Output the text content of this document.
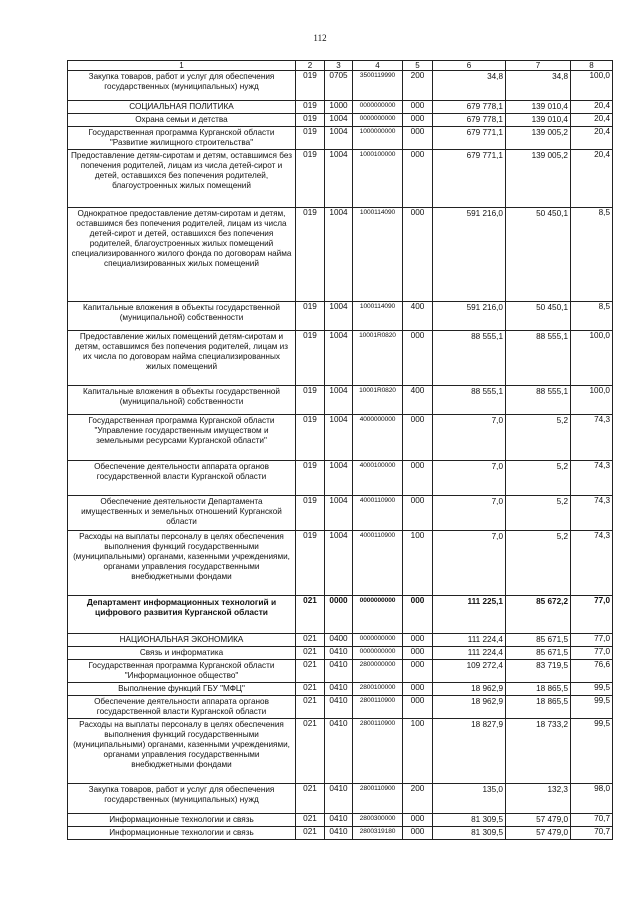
112
1	2	3	4	5	6	7	8
Закупка товаров, работ и услуг для обеспечения государственных (муниципальных) нужд	019	0705	3500119990	200	34,8	34,8	100,0
СОЦИАЛЬНАЯ ПОЛИТИКА	019	1000	0000000000	000	679 778,1	139 010,4	20,4
Охрана семьи и детства	019	1004	0000000000	000	679 778,1	139 010,4	20,4
Государственная программа Курганской области "Развитие жилищного строительства"	019	1004	1000000000	000	679 771,1	139 005,2	20,4
Предоставление детям-сиротам и детям, оставшимся без попечения родителей, лицам из числа детей-сирот и детей, оставшихся без попечения родителей, благоустроенных жилых помещений	019	1004	1000100000	000	679 771,1	139 005,2	20,4
Однократное предоставление детям-сиротам и детям, оставшимся без попечения родителей, лицам из числа детей-сирот и детей, оставшихся без попечения родителей, благоустроенных жилых помещений специализированного жилого фонда по договорам найма специализированных жилых помещений	019	1004	1000114090	000	591 216,0	50 450,1	8,5
Капитальные вложения в объекты государственной (муниципальной) собственности	019	1004	1000114090	400	591 216,0	50 450,1	8,5
Предоставление жилых помещений детям-сиротам и детям, оставшимся без попечения родителей, лицам из их числа по договорам найма специализированных жилых помещений	019	1004	10001R0820	000	88 555,1	88 555,1	100,0
Капитальные вложения в объекты государственной (муниципальной) собственности	019	1004	10001R0820	400	88 555,1	88 555,1	100,0
Государственная программа Курганской области "Управление государственным имуществом и земельными ресурсами Курганской области"	019	1004	4000000000	000	7,0	5,2	74,3
Обеспечение деятельности аппарата органов государственной власти Курганской области	019	1004	4000100000	000	7,0	5,2	74,3
Обеспечение деятельности Департамента имущественных и земельных отношений Курганской области	019	1004	4000110900	000	7,0	5,2	74,3
Расходы на выплаты персоналу в целях обеспечения выполнения функций государственными (муниципальными) органами, казенными учреждениями, органами управления государственными внебюджетными фондами	019	1004	4000110900	100	7,0	5,2	74,3
Департамент информационных технологий и цифрового развития Курганской области	021	0000	0000000000	000	111 225,1	85 672,2	77,0
НАЦИОНАЛЬНАЯ ЭКОНОМИКА	021	0400	0000000000	000	111 224,4	85 671,5	77,0
Связь и информатика	021	0410	0000000000	000	111 224,4	85 671,5	77,0
Государственная программа Курганской области "Информационное общество"	021	0410	2800000000	000	109 272,4	83 719,5	76,6
Выполнение функций ГБУ "МФЦ"	021	0410	2800100000	000	18 962,9	18 865,5	99,5
Обеспечение деятельности аппарата органов государственной власти Курганской области	021	0410	2800110900	000	18 962,9	18 865,5	99,5
Расходы на выплаты персоналу в целях обеспечения выполнения функций государственными (муниципальными) органами, казенными учреждениями, органами управления государственными внебюджетными фондами	021	0410	2800110900	100	18 827,9	18 733,2	99,5
Закупка товаров, работ и услуг для обеспечения государственных (муниципальных) нужд	021	0410	2800110900	200	135,0	132,3	98,0
Информационные технологии и связь	021	0410	2800300000	000	81 309,5	57 479,0	70,7
Информационные технологии и связь	021	0410	2800319180	000	81 309,5	57 479,0	70,7
